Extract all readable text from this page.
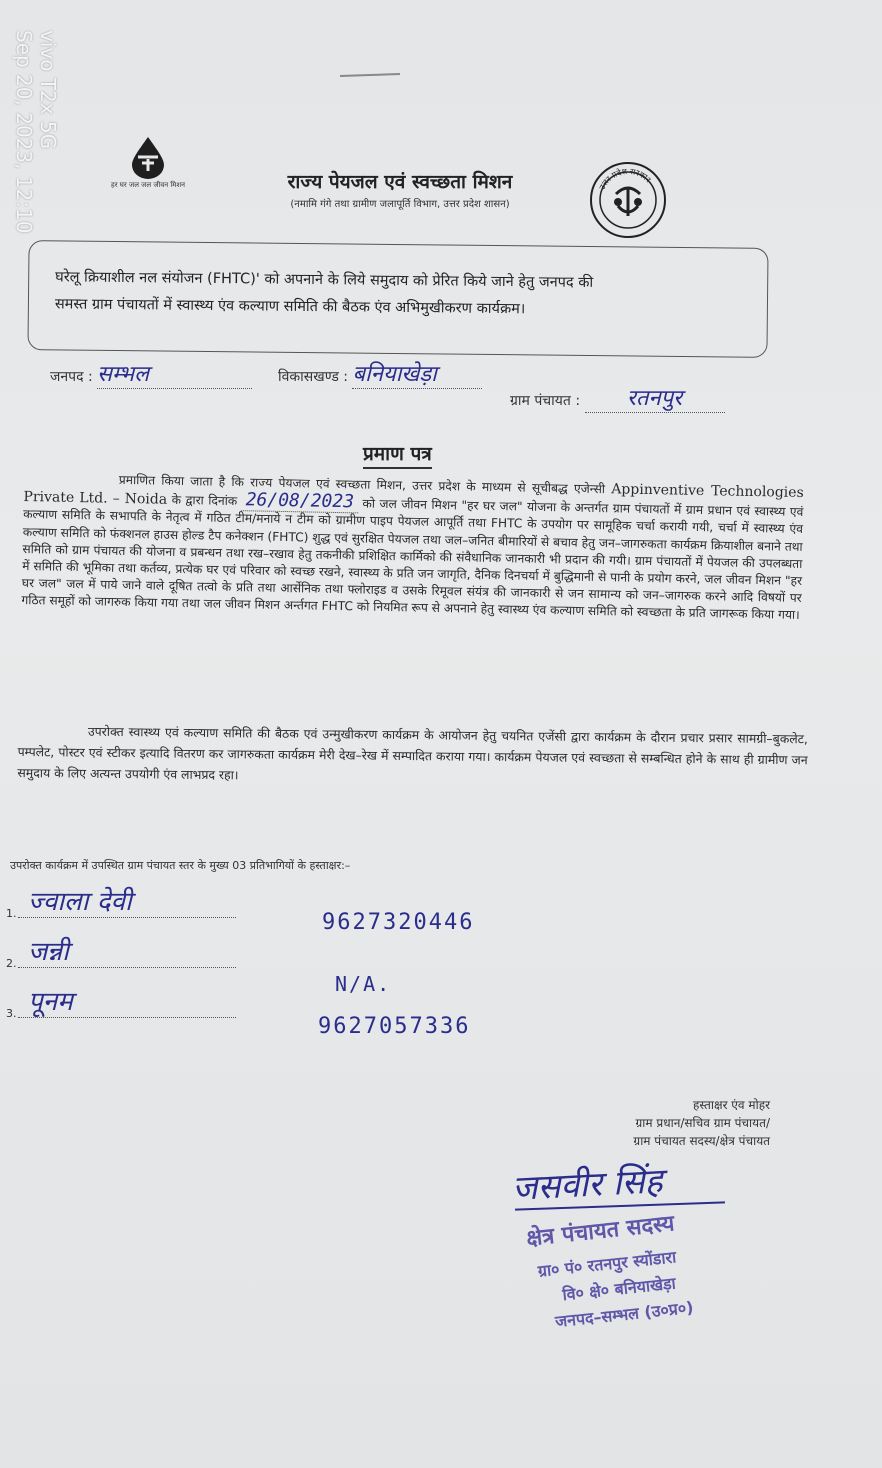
vivo T2x 5G
Sep 20, 2023, 12:10	हर घर जल जल जीवन मिशन	राज्य पेयजल एवं स्वच्छता मिशन
(नमामि गंगे तथा ग्रामीण जलापूर्ति विभाग, उत्तर प्रदेश शासन)
उत्तर प्रदेश सरकार
घरेलू क्रियाशील नल संयोजन (FHTC)' को अपनाने के लिये समुदाय को प्रेरित किये जाने हेतु जनपद की
समस्त ग्राम पंचायतों में स्वास्थ्य एंव कल्याण समिति की बैठक एंव अभिमुखीकरण कार्यक्रम।
जनपद : सम्भल	विकासखण्ड : बनियाखेड़ा
ग्राम पंचायत : रतनपुर
प्रमाण पत्र
प्रमाणित किया जाता है कि राज्य पेयजल एवं स्वच्छता मिशन, उत्तर प्रदेश के माध्यम से सूचीबद्ध एजेन्सी Appinventive Technologies Private Ltd. – Noida के द्वारा दिनांक 26/08/2023 को जल जीवन मिशन "हर घर जल" योजना के अन्तर्गत ग्राम पंचायतों में ग्राम प्रधान एवं स्वास्थ्य एवं कल्याण समिति के सभापति के नेतृत्व में गठित टीम/मनाये न टीम को ग्रामीण पाइप पेयजल आपूर्ति तथा FHTC के उपयोग पर सामूहिक चर्चा करायी गयी, चर्चा में स्वास्थ्य एंव कल्याण समिति को फंक्शनल हाउस होल्ड टैप कनेक्शन (FHTC) शुद्ध एवं सुरक्षित पेयजल तथा जल–जनित बीमारियों से बचाव हेतु जन–जागरुकता कार्यक्रम क्रियाशील बनाने तथा समिति को ग्राम पंचायत की योजना व प्रबन्धन तथा रख–रखाव हेतु तकनीकी प्रशिक्षित कार्मिको की संवैधानिक जानकारी भी प्रदान की गयी। ग्राम पंचायतों में पेयजल की उपलब्धता में समिति की भूमिका तथा कर्तव्य, प्रत्येक घर एवं परिवार को स्वच्छ रखने, स्वास्थ्य के प्रति जन जागृति, दैनिक दिनचर्या में बुद्धिमानी से पानी के प्रयोग करने, जल जीवन मिशन "हर घर जल" जल में पाये जाने वाले दूषित तत्वो के प्रति तथा आर्सेनिक तथा फ्लोराइड व उसके रिमूवल संयंत्र की जानकारी से जन सामान्य को जन–जागरुक करने आदि विषयों पर गठित समूहों को जागरुक किया गया तथा जल जीवन मिशन अर्न्तगत FHTC को नियमित रूप से अपनाने हेतु स्वास्थ्य एंव कल्याण समिति को स्वच्छता के प्रति जागरूक किया गया।
उपरोक्त स्वास्थ्य एवं कल्याण समिति की बैठक एवं उन्मुखीकरण कार्यक्रम के आयोजन हेतु चयनित एजेंसी द्वारा कार्यक्रम के दौरान प्रचार प्रसार सामग्री–बुकलेट, पम्पलेट, पोस्टर एवं स्टीकर इत्यादि वितरण कर जागरुकता कार्यक्रम मेरी देख–रेख में सम्पादित कराया गया। कार्यक्रम पेयजल एवं स्वच्छता से सम्बन्धित होने के साथ ही ग्रामीण जन समुदाय के लिए अत्यन्त उपयोगी एंव लाभप्रद रहा।
उपरोक्त कार्यक्रम में उपस्थित ग्राम पंचायत स्तर के मुख्य 03 प्रतिभागियों के हस्ताक्षर:–
1. ज्वाला देवी
9627320446
2. जन्नी
N/A.
3. पूनम
9627057336
हस्ताक्षर एंव मोहर
ग्राम प्रधान/सचिव ग्राम पंचायत/
ग्राम पंचायत सदस्य/क्षेत्र पंचायत
जसवीर सिंह
क्षेत्र पंचायत सदस्य
ग्रा० पं० रतनपुर स्योंडारा
वि० क्षे० बनियाखेड़ा
जनपद–सम्भल (उ०प्र०)
